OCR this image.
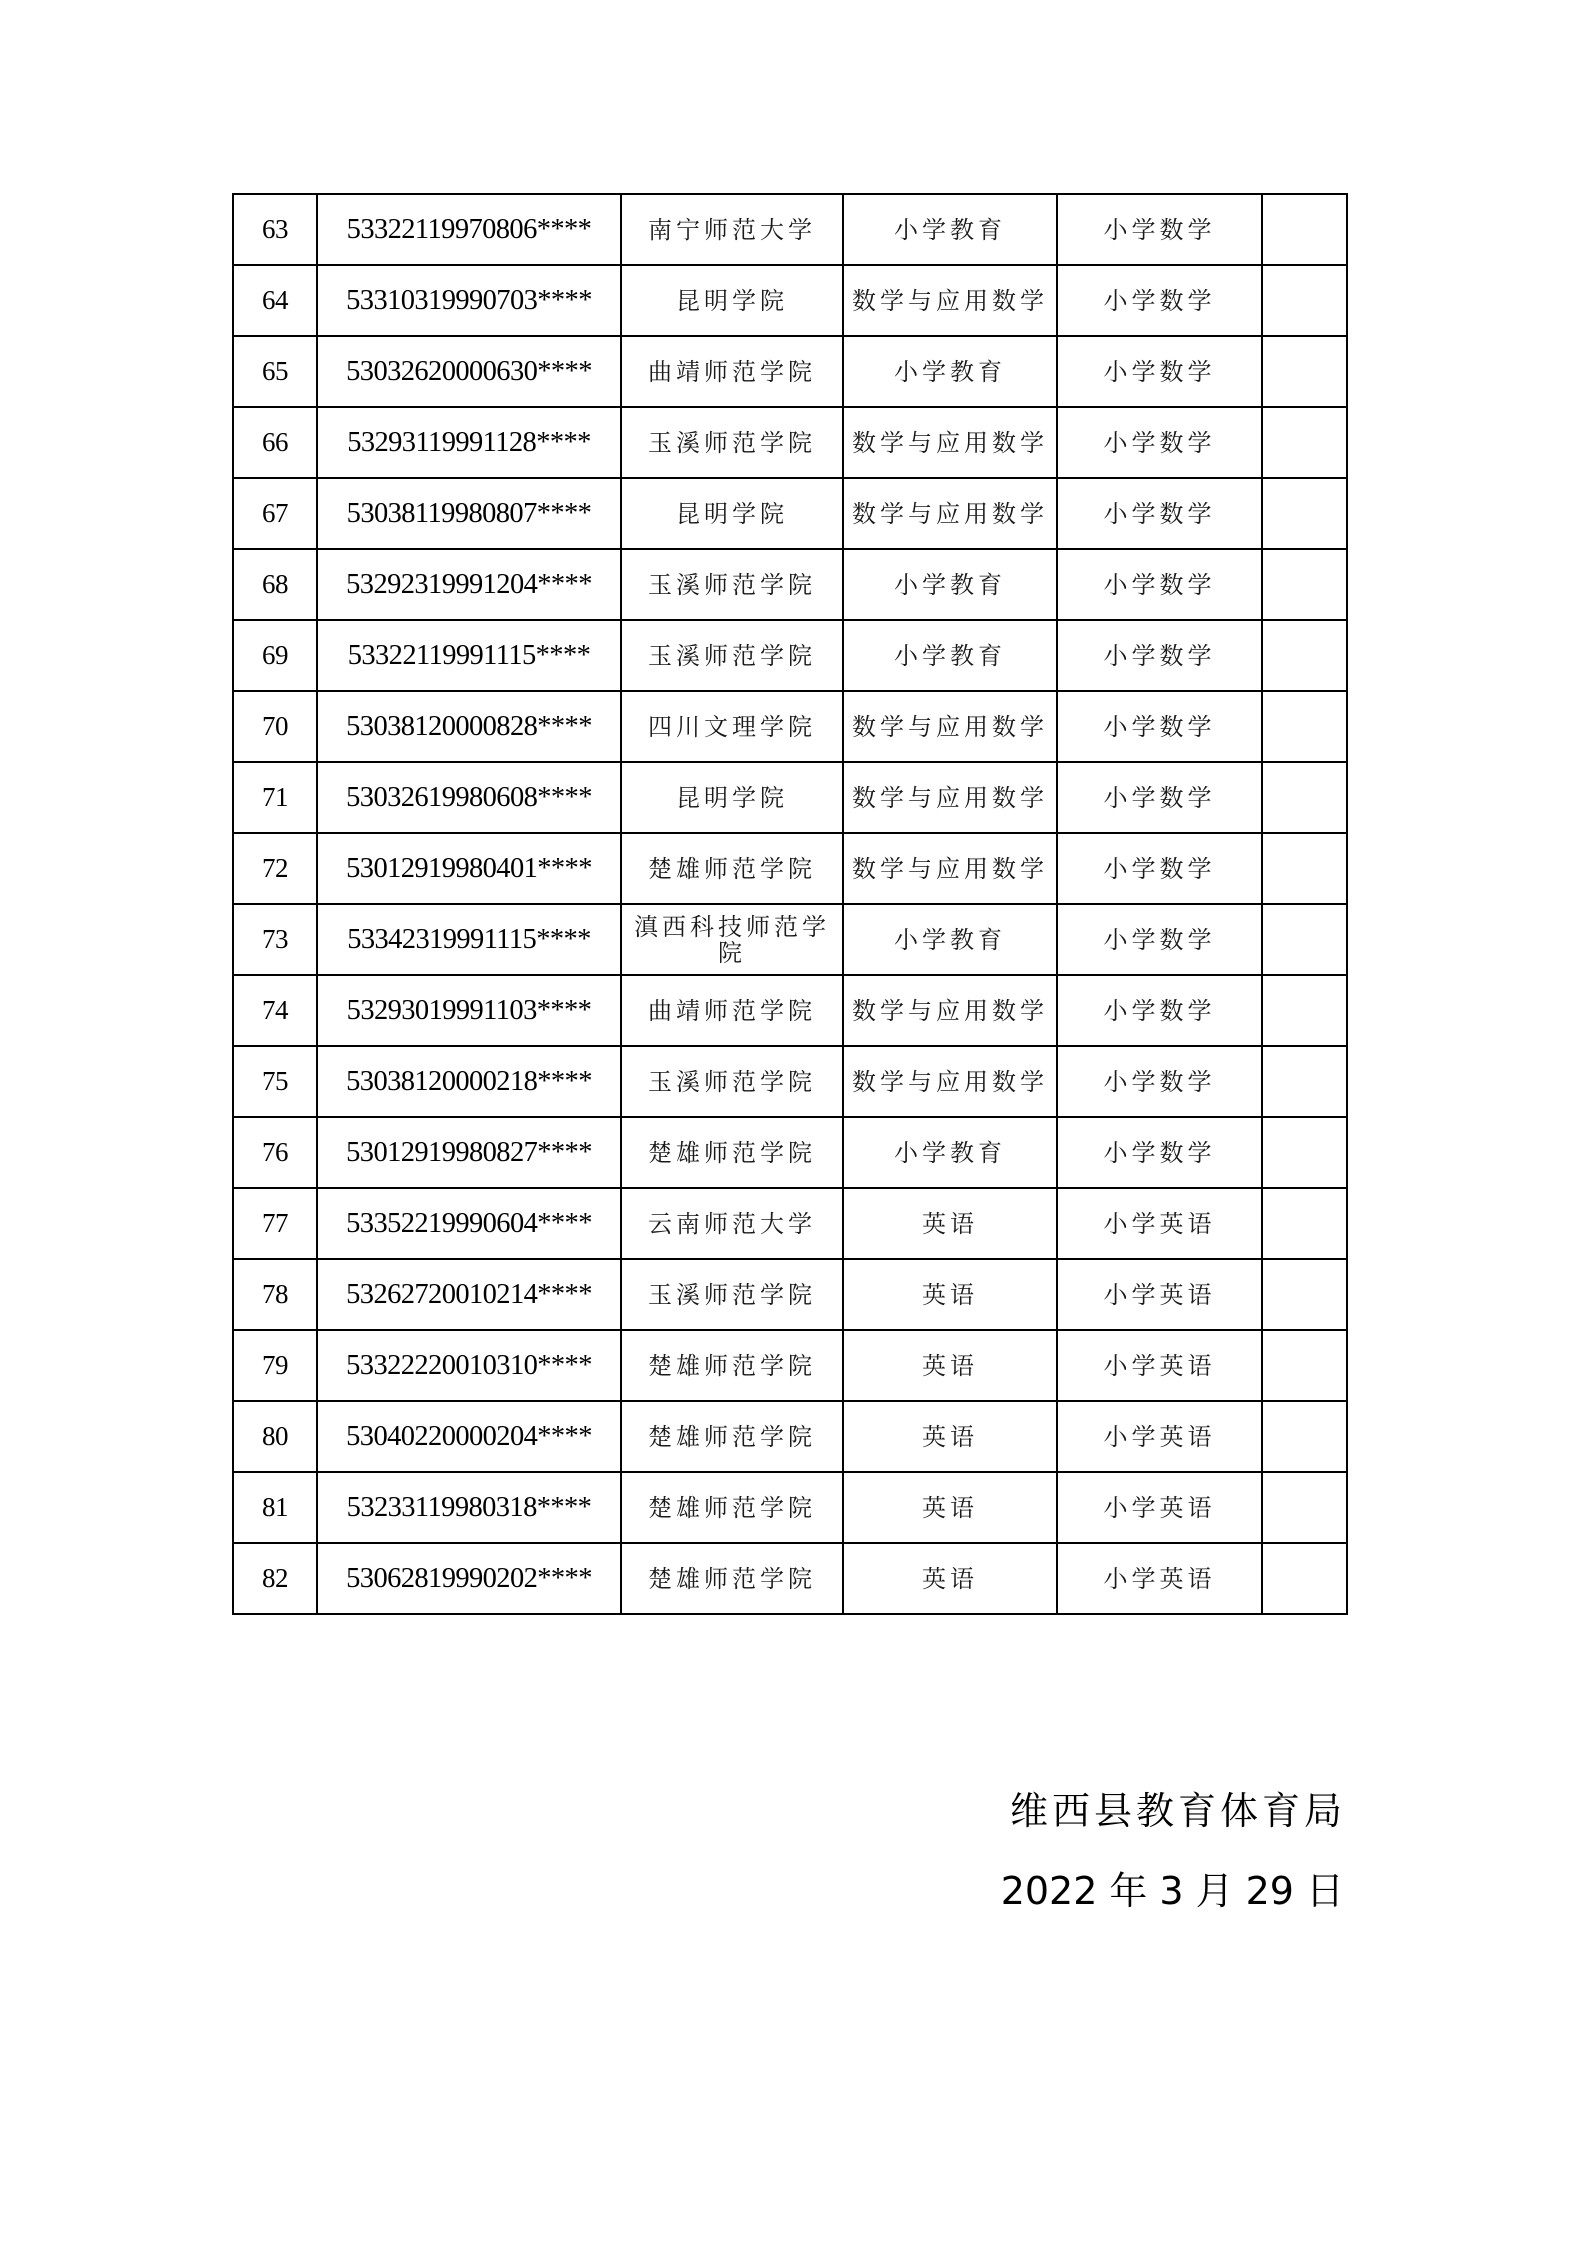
63	53322119970806****	南宁师范大学	小学教育	小学数学	
64	53310319990703****	昆明学院	数学与应用数学	小学数学	
65	53032620000630****	曲靖师范学院	小学教育	小学数学	
66	53293119991128****	玉溪师范学院	数学与应用数学	小学数学	
67	53038119980807****	昆明学院	数学与应用数学	小学数学	
68	53292319991204****	玉溪师范学院	小学教育	小学数学	
69	53322119991115****	玉溪师范学院	小学教育	小学数学	
70	53038120000828****	四川文理学院	数学与应用数学	小学数学	
71	53032619980608****	昆明学院	数学与应用数学	小学数学	
72	53012919980401****	楚雄师范学院	数学与应用数学	小学数学	
73	53342319991115****	滇西科技师范学院	小学教育	小学数学	
74	53293019991103****	曲靖师范学院	数学与应用数学	小学数学	
75	53038120000218****	玉溪师范学院	数学与应用数学	小学数学	
76	53012919980827****	楚雄师范学院	小学教育	小学数学	
77	53352219990604****	云南师范大学	英语	小学英语	
78	53262720010214****	玉溪师范学院	英语	小学英语	
79	53322220010310****	楚雄师范学院	英语	小学英语	
80	53040220000204****	楚雄师范学院	英语	小学英语	
81	53233119980318****	楚雄师范学院	英语	小学英语	
82	53062819990202****	楚雄师范学院	英语	小学英语	
维西县教育体育局
2022 年 3 月 29 日
